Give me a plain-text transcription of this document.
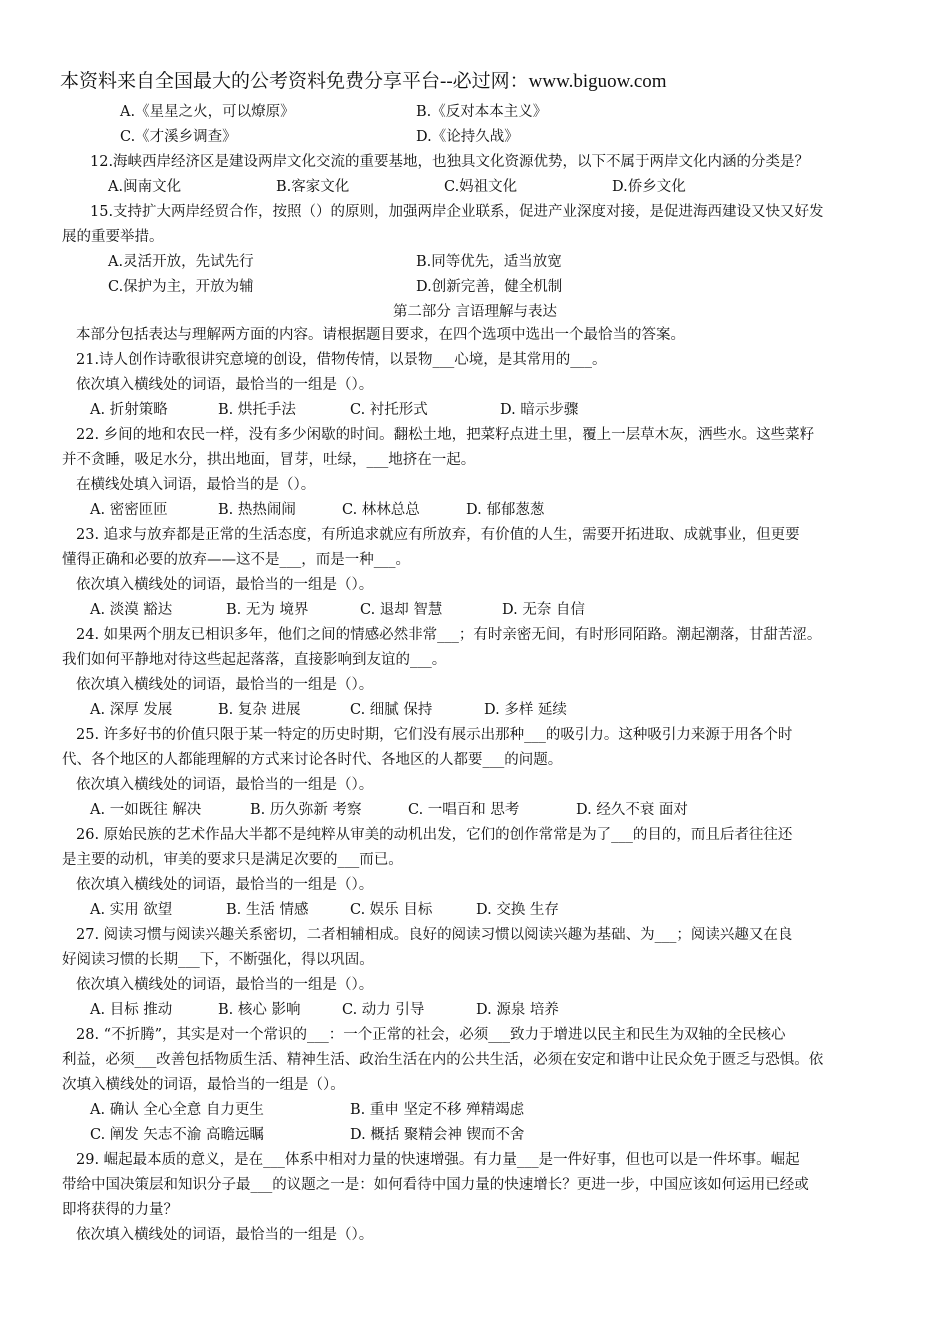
本资料来自全国最大的公考资料免费分享平台--必过网：www.biguow.com
A.《星星之火，可以燎原》	B.《反对本本主义》
C.《才溪乡调查》	D.《论持久战》
12.海峡西岸经济区是建设两岸文化交流的重要基地，也独具文化资源优势，以下不属于两岸文化内涵的分类是？
A.闽南文化	B.客家文化	C.妈祖文化	D.侨乡文化
15.支持扩大两岸经贸合作，按照（）的原则，加强两岸企业联系，促进产业深度对接，是促进海西建设又快又好发
展的重要举措。
A.灵活开放，先试先行	B.同等优先，适当放宽
C.保护为主，开放为辅	D.创新完善，健全机制
第二部分 言语理解与表达
本部分包括表达与理解两方面的内容。请根据题目要求，在四个选项中选出一个最恰当的答案。
21.诗人创作诗歌很讲究意境的创设，借物传情，以景物___心境，是其常用的___。
依次填入横线处的词语，最恰当的一组是（）。
A. 折射策略	B. 烘托手法	C. 衬托形式	D. 暗示步骤
22. 乡间的地和农民一样，没有多少闲歇的时间。翻松土地，把菜籽点进土里，覆上一层草木灰，洒些水。这些菜籽
并不贪睡，吸足水分，拱出地面，冒芽，吐绿，___地挤在一起。
在横线处填入词语，最恰当的是（）。
A. 密密匝匝	B. 热热闹闹	C. 林林总总	D. 郁郁葱葱
23. 追求与放弃都是正常的生活态度，有所追求就应有所放弃，有价值的人生，需要开拓进取、成就事业，但更要
懂得正确和必要的放弃——这不是___，而是一种___。
依次填入横线处的词语，最恰当的一组是（）。
A. 淡漠 豁达	B. 无为 境界	C. 退却 智慧	D. 无奈 自信
24. 如果两个朋友已相识多年，他们之间的情感必然非常___；有时亲密无间，有时形同陌路。潮起潮落，甘甜苦涩。
我们如何平静地对待这些起起落落，直接影响到友谊的___。
依次填入横线处的词语，最恰当的一组是（）。
A. 深厚 发展	B. 复杂 进展	C. 细腻 保持	D. 多样 延续
25. 许多好书的价值只限于某一特定的历史时期，它们没有展示出那种___的吸引力。这种吸引力来源于用各个时
代、各个地区的人都能理解的方式来讨论各时代、各地区的人都要___的问题。
依次填入横线处的词语，最恰当的一组是（）。
A. 一如既往 解决	B. 历久弥新 考察	C. 一唱百和 思考	D. 经久不衰 面对
26. 原始民族的艺术作品大半都不是纯粹从审美的动机出发，它们的创作常常是为了___的目的，而且后者往往还
是主要的动机，审美的要求只是满足次要的___而已。
依次填入横线处的词语，最恰当的一组是（）。
A. 实用 欲望	B. 生活 情感	C. 娱乐 目标	D. 交换 生存
27. 阅读习惯与阅读兴趣关系密切，二者相辅相成。良好的阅读习惯以阅读兴趣为基础、为___；阅读兴趣又在良
好阅读习惯的长期___下，不断强化，得以巩固。
依次填入横线处的词语，最恰当的一组是（）。
A. 目标 推动	B. 核心 影响	C. 动力 引导	D. 源泉 培养
28. “不折腾”，其实是对一个常识的___：一个正常的社会，必须___致力于增进以民主和民生为双轴的全民核心
利益，必须___改善包括物质生活、精神生活、政治生活在内的公共生活，必须在安定和谐中让民众免于匮乏与恐惧。依
次填入横线处的词语，最恰当的一组是（）。
A. 确认 全心全意 自力更生	B. 重申 坚定不移 殚精竭虑
C. 阐发 矢志不渝 高瞻远瞩	D. 概括 聚精会神 锲而不舍
29. 崛起最本质的意义，是在___体系中相对力量的快速增强。有力量___是一件好事，但也可以是一件坏事。崛起
带给中国决策层和知识分子最___的议题之一是：如何看待中国力量的快速增长？更进一步，中国应该如何运用已经或
即将获得的力量？
依次填入横线处的词语，最恰当的一组是（）。
